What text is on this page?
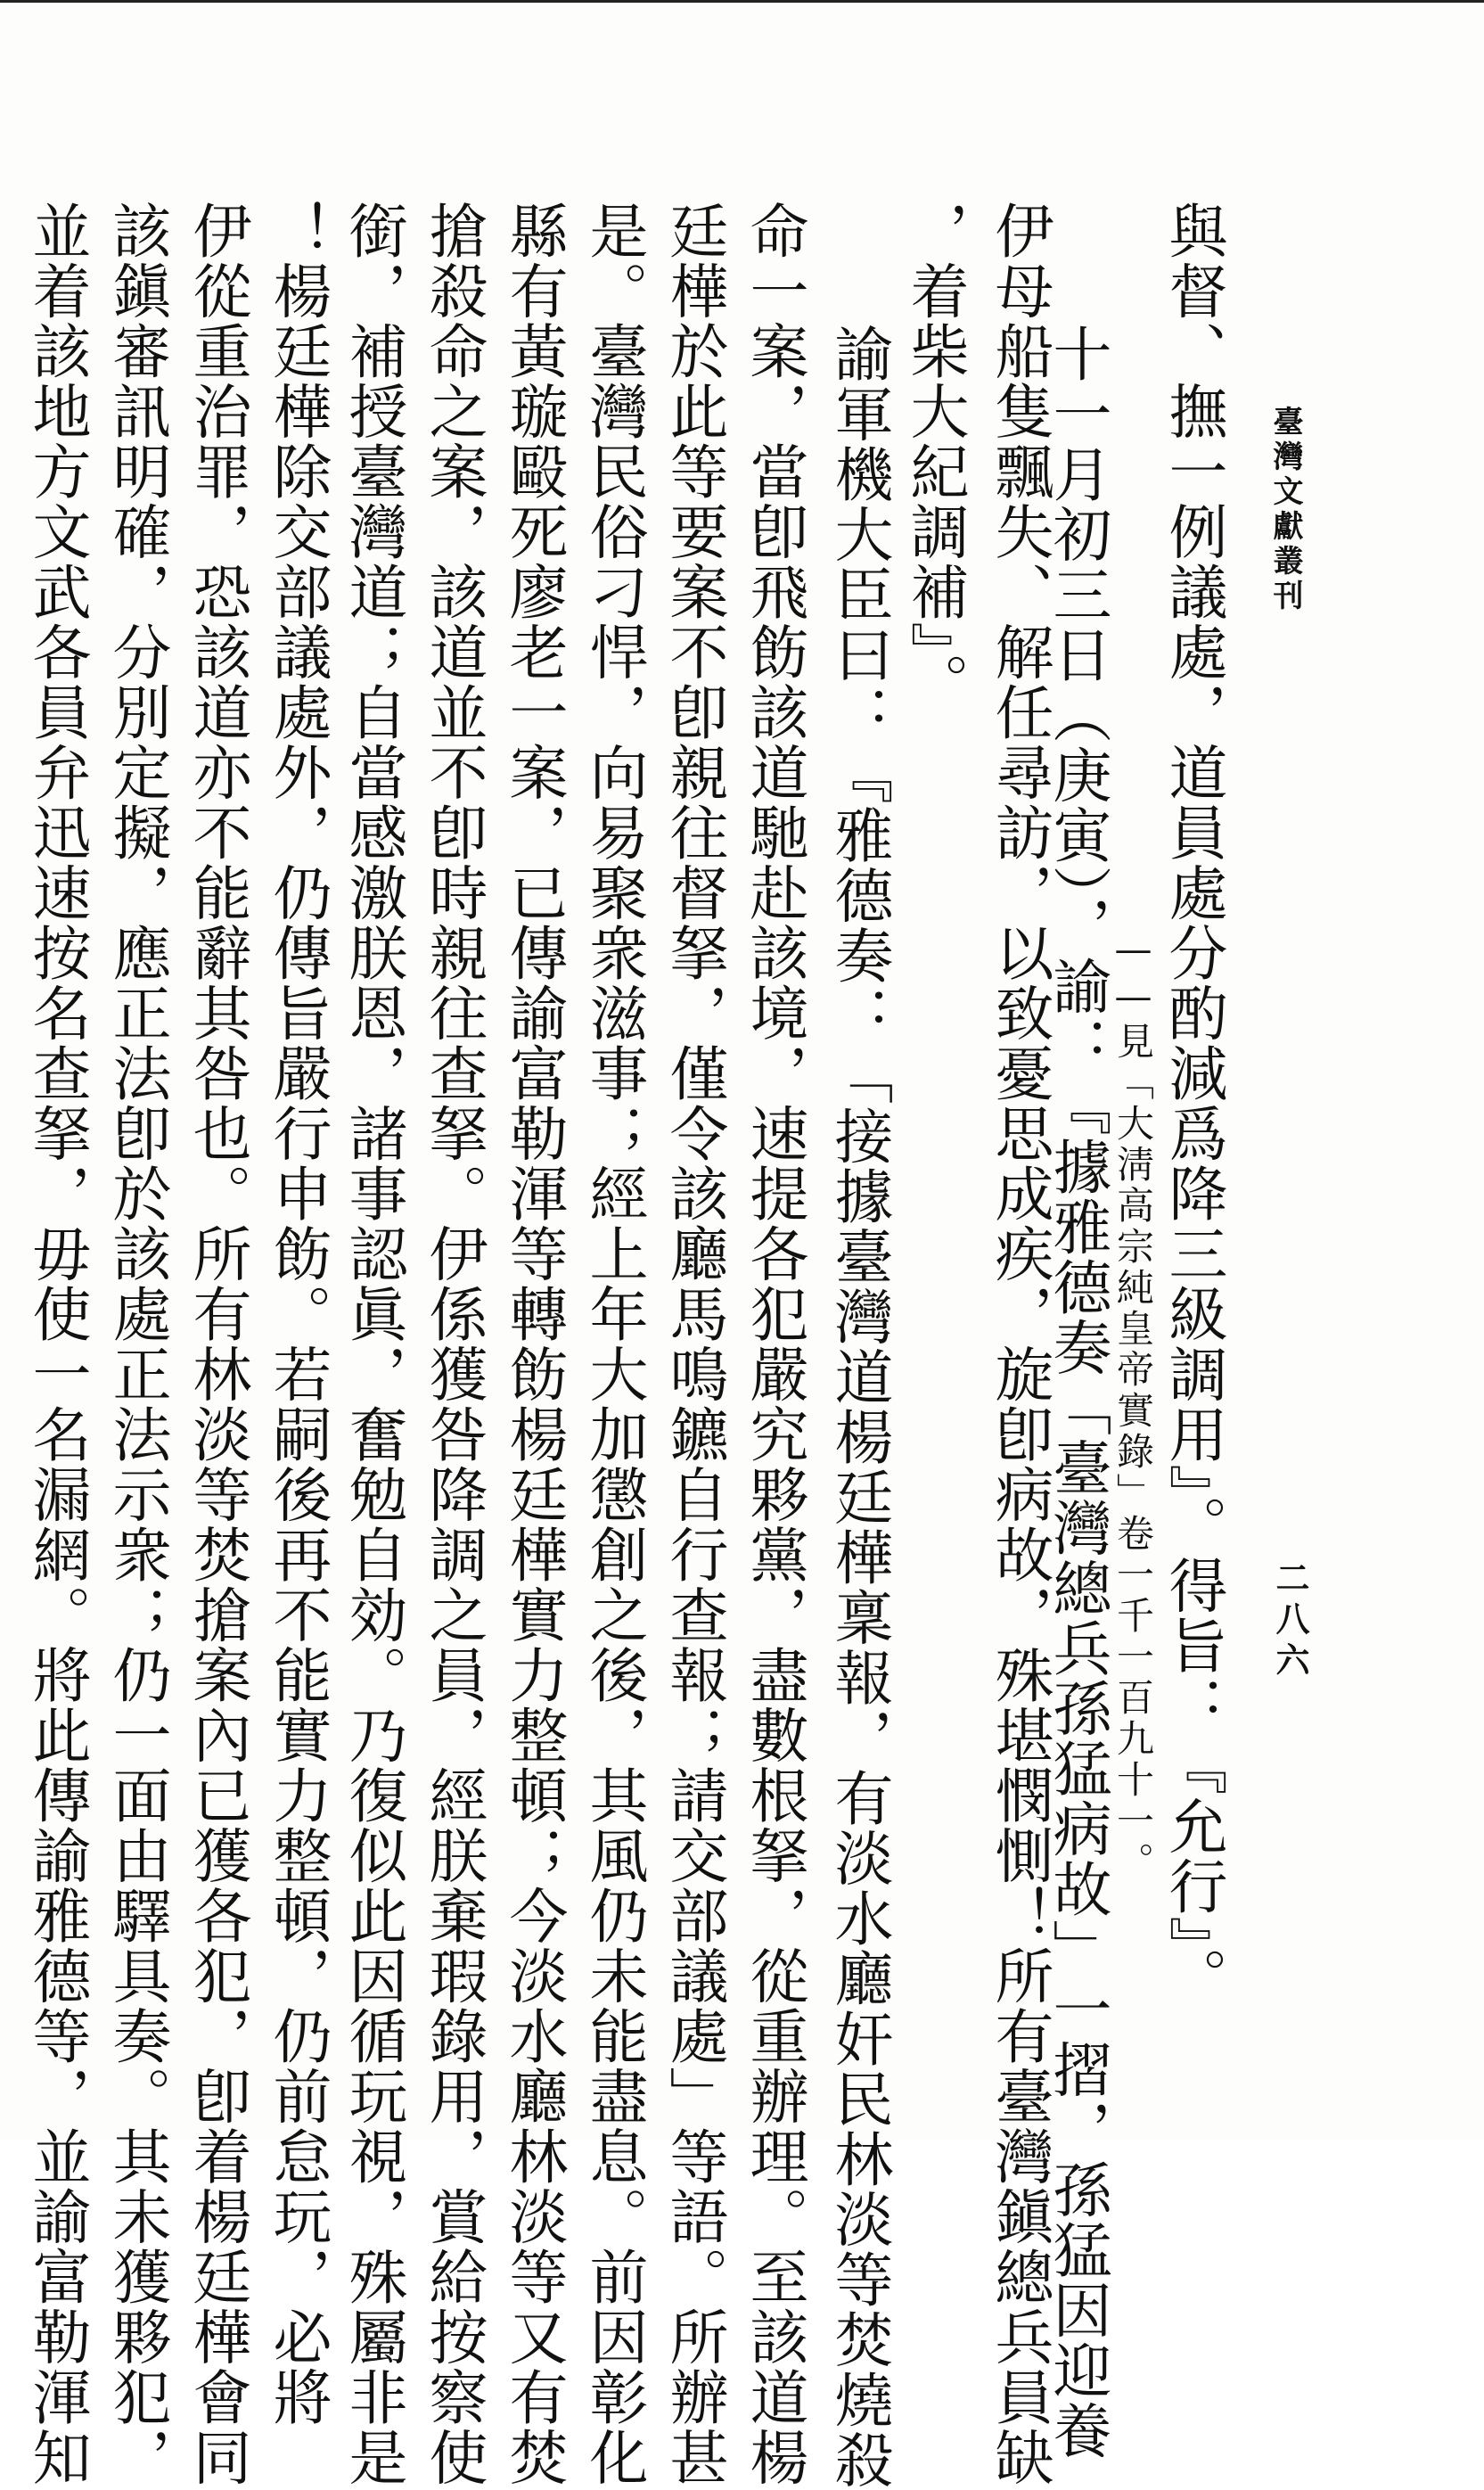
臺灣文獻叢刊
二八六
——見「大淸高宗純皇帝實錄」卷一千一百九十一。 與督、撫一例議處，道員處分酌減爲降三級調用』。得旨：『允行』。
伊母船隻飄失、解任尋訪，以致憂思成疾，旋卽病故，殊堪憫惻！所有臺灣鎭總兵員缺
，着柴大紀調補』。 十一月初三日（庚寅），諭：『據雅德奏「臺灣總兵孫猛病故」一摺，孫猛因迎養
諭軍機大臣曰：『雅德奏：「接據臺灣道楊廷樺稟報，有淡水廳奸民林淡等焚燒殺
命一案，當卽飛飭該道馳赴該境，速提各犯嚴究夥黨，盡數根拏，從重辦理。至該道楊
廷樺於此等要案不卽親往督拏，僅令該廳馬鳴鑣自行查報；請交部議處」等語。所辦甚
是。臺灣民俗刁悍，向易聚衆滋事；經上年大加懲創之後，其風仍未能盡息。前因彰化
縣有黃璇毆死廖老一案，已傳諭富勒渾等轉飭楊廷樺實力整頓；今淡水廳林淡等又有焚
搶殺命之案，該道並不卽時親往查拏。伊係獲咎降調之員，經朕棄瑕錄用，賞給按察使
銜，補授臺灣道；自當感激朕恩，諸事認眞，奮勉自効。乃復似此因循玩視，殊屬非是
！楊廷樺除交部議處外，仍傳旨嚴行申飭。若嗣後再不能實力整頓，仍前怠玩，必將
伊從重治罪，恐該道亦不能辭其咎也。所有林淡等焚搶案內已獲各犯，卽着楊廷樺會同
該鎭審訊明確，分別定擬，應正法卽於該處正法示衆；仍一面由驛具奏。其未獲夥犯，
並着該地方文武各員弁迅速按名查拏，毋使一名漏網。將此傳諭雅德等，並諭富勒渾知
